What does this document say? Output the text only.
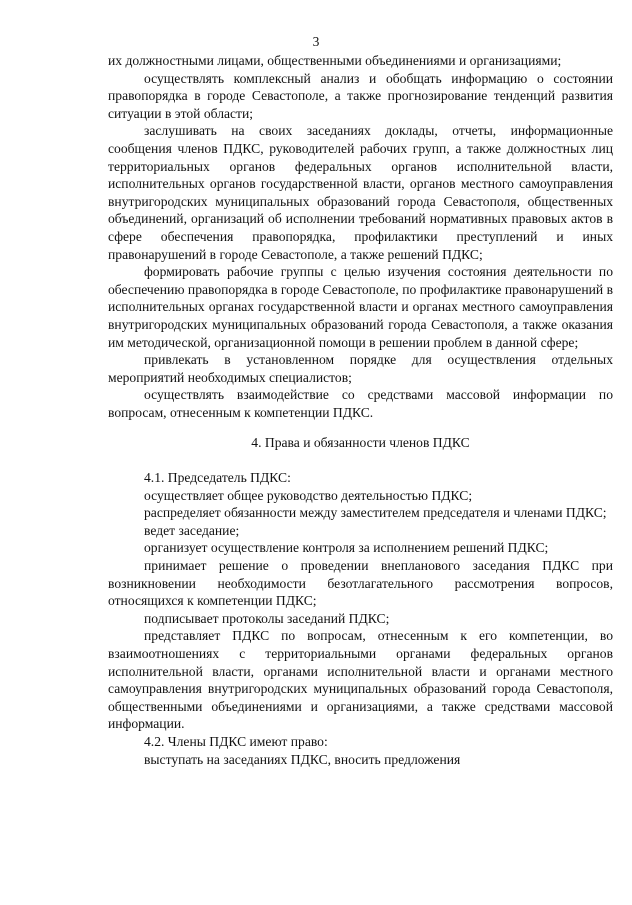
3

их должностными лицами, общественными объединениями и организациями;

осуществлять комплексный анализ и обобщать информацию о состоянии правопорядка в городе Севастополе, а также прогнозирование тенденций развития ситуации в этой области;

заслушивать на своих заседаниях доклады, отчеты, информационные сообщения членов ПДКС, руководителей рабочих групп, а также должностных лиц территориальных органов федеральных органов исполнительной власти, исполнительных органов государственной власти, органов местного самоуправления внутригородских муниципальных образований города Севастополя, общественных объединений, организаций об исполнении требований нормативных правовых актов в сфере обеспечения правопорядка, профилактики преступлений и иных правонарушений в городе Севастополе, а также решений ПДКС;

формировать рабочие группы с целью изучения состояния деятельности по обеспечению правопорядка в городе Севастополе, по профилактике правонарушений в исполнительных органах государственной власти и органах местного самоуправления внутригородских муниципальных образований города Севастополя, а также оказания им методической, организационной помощи в решении проблем в данной сфере;

привлекать в установленном порядке для осуществления отдельных мероприятий необходимых специалистов;

осуществлять взаимодействие со средствами массовой информации по вопросам, отнесенным к компетенции ПДКС.

4. Права и обязанности членов ПДКС

4.1. Председатель ПДКС:

осуществляет общее руководство деятельностью ПДКС;

распределяет обязанности между заместителем председателя и членами ПДКС;

ведет заседание;

организует осуществление контроля за исполнением решений ПДКС;

принимает решение о проведении внепланового заседания ПДКС при возникновении необходимости безотлагательного рассмотрения вопросов, относящихся к компетенции ПДКС;

подписывает протоколы заседаний ПДКС;

представляет ПДКС по вопросам, отнесенным к его компетенции, во взаимоотношениях с территориальными органами федеральных органов исполнительной власти, органами исполнительной власти и органами местного самоуправления внутригородских муниципальных образований города Севастополя, общественными объединениями и организациями, а также средствами массовой информации.

4.2. Члены ПДКС имеют право:

выступать на заседаниях ПДКС, вносить предложения
